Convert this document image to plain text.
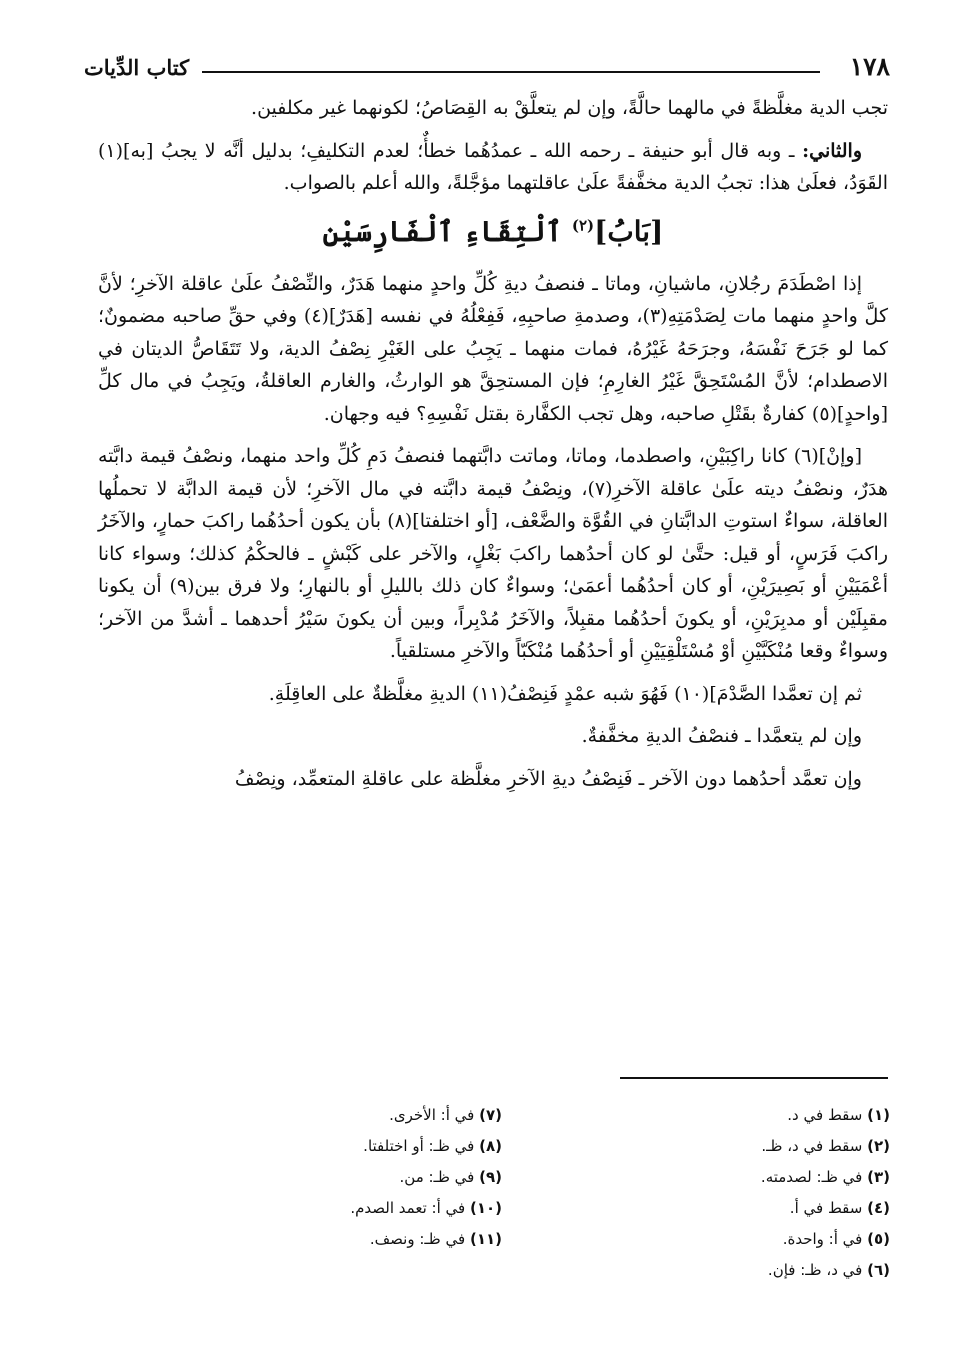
١٧٨
كتاب الدِّيات

تجب الدية مغلَّظةً في مالهما حالَّةً، وإن لم يتعلَّقْ به القِصَاصُ؛ لكونهما غير مكلفين.

والثاني: ـ وبه قال أبو حنيفة ـ رحمه الله ـ عمدُهُما خطأٌ؛ لعدم التكليفِ؛ بدليل أنَّه لا يجبُ [به](١) القَوَدُ، فعلَىٰ هذا: تجبُ الدية مخفَّفةً علَىٰ عاقلتهما مؤجَّلةً، والله أعلم بالصواب.

[بَابُ]$^{(٢)}$ ٱلْتِقَاءِ ٱلْفَارِسَيْنِ

إذا اصْطَدَمَ رجُلانِ، ماشيانِ، وماتا ـ فنصفُ ديةِ كُلِّ واحدٍ منهما هَدَرٌ، والنِّصْفُ علَىٰ عاقلة الآخرِ؛ لأنَّ كلَّ واحدٍ منهما مات لِصَدْمَتِهِ(٣)، وصدمةِ صاحبِهِ، فَفِعْلُهُ في نفسه [هَدَرٌ](٤) وفي حقِّ صاحبه مضمونٌ؛ كما لو جَرَحَ نَفْسَهُ، وجرَحَهُ غَيْرُهُ، فمات منهما ـ يَجِبُ على الغَيْرِ نِصْفُ الدية، ولا تَتَقَاصُّ الديتان في الاصطدام؛ لأنَّ المُسْتَحِقَّ غَيْرُ الغارِمِ؛ فإن المستحِقَّ هو الوارثُ، والغارم العاقلةُ، ويَجِبُ في مال كلِّ [واحدٍ](٥) كفارةٌ بقَتْلِ صاحبه، وهل تجب الكفَّارة بقتل نَفْسِهِ؟ فيه وجهان.

[وإنْ](٦) كانا راكِبَيْنِ، واصطدما، وماتا، وماتت دابَّتهما فنصفُ دَمِ كُلِّ واحد منهما، ونصْفُ قيمة دابَّته هدَرٌ، ونصْفُ ديته علَىٰ عاقلة الآخرِ(٧)، ونِصْفُ قيمة دابَّته في مال الآخرِ؛ لأن قيمة الدابَّة لا تحملُها العاقلة، سواءٌ استوتِ الدابَّتانِ في القُوَّة والضَّعْف، [أو اختلفتا](٨) بأن يكون أحدُهُما راكبَ حمارٍ، والآخَرُ راكبَ فَرَسٍ، أو قيل: حتَّىٰ لو كان أحدُهما راكبَ بَغْلٍ، والآخر على كَبْشٍ ـ فالحكْمُ كذلك؛ وسواء كانا أعْمَيَيْنِ أو بَصِيرَيْنِ، أو كان أحدُهُما أعمَىٰ؛ وسواءٌ كان ذلك بالليلِ أو بالنهارِ؛ ولا فرق بين(٩) أن يكونا مقبِلَيْن أو مدبِرَيْنِ، أو يكونَ أحدُهُما مقبِلاً، والآخَرُ مُدْبِراً، وبين أن يكونَ سَيْرُ أحدهما ـ أشدَّ من الآخر؛ وسواءٌ وقعا مُنْكَبَّيْنِ أوْ مُسْتَلْقِيَيْنِ أو أحدُهُما مُنْكَبّاً والآخرِ مستلقياً.

ثم إن تعمَّدا الصَّدْمَ](١٠) فَهُوَ شبه عمْدٍ فَنِصْفُ(١١) الديةِ مغلَّظةٌ على العاقِلَةِ.

وإن لم يتعمَّدا ـ فنصْفُ الديةِ مخفَّفةٌ.

وإن تعمَّد أحدُهما دون الآخر ـ فَنِصْفُ ديةِ الآخرِ مغلَّظة على عاقلةِ المتعمِّد، ونِصْفُ

(١) سقط في د.
(٢) سقط في د، ظـ.
(٣) في ظـ: لصدمته.
(٤) سقط في أ.
(٥) في أ: واحدة.
(٦) في د، ظـ: فإن.
(٧) في أ: الأخرى.
(٨) في ظـ: أو اختلفتا.
(٩) في ظـ: من.
(١٠) في أ: تعمد الصدم.
(١١) في ظـ: ونصف.
